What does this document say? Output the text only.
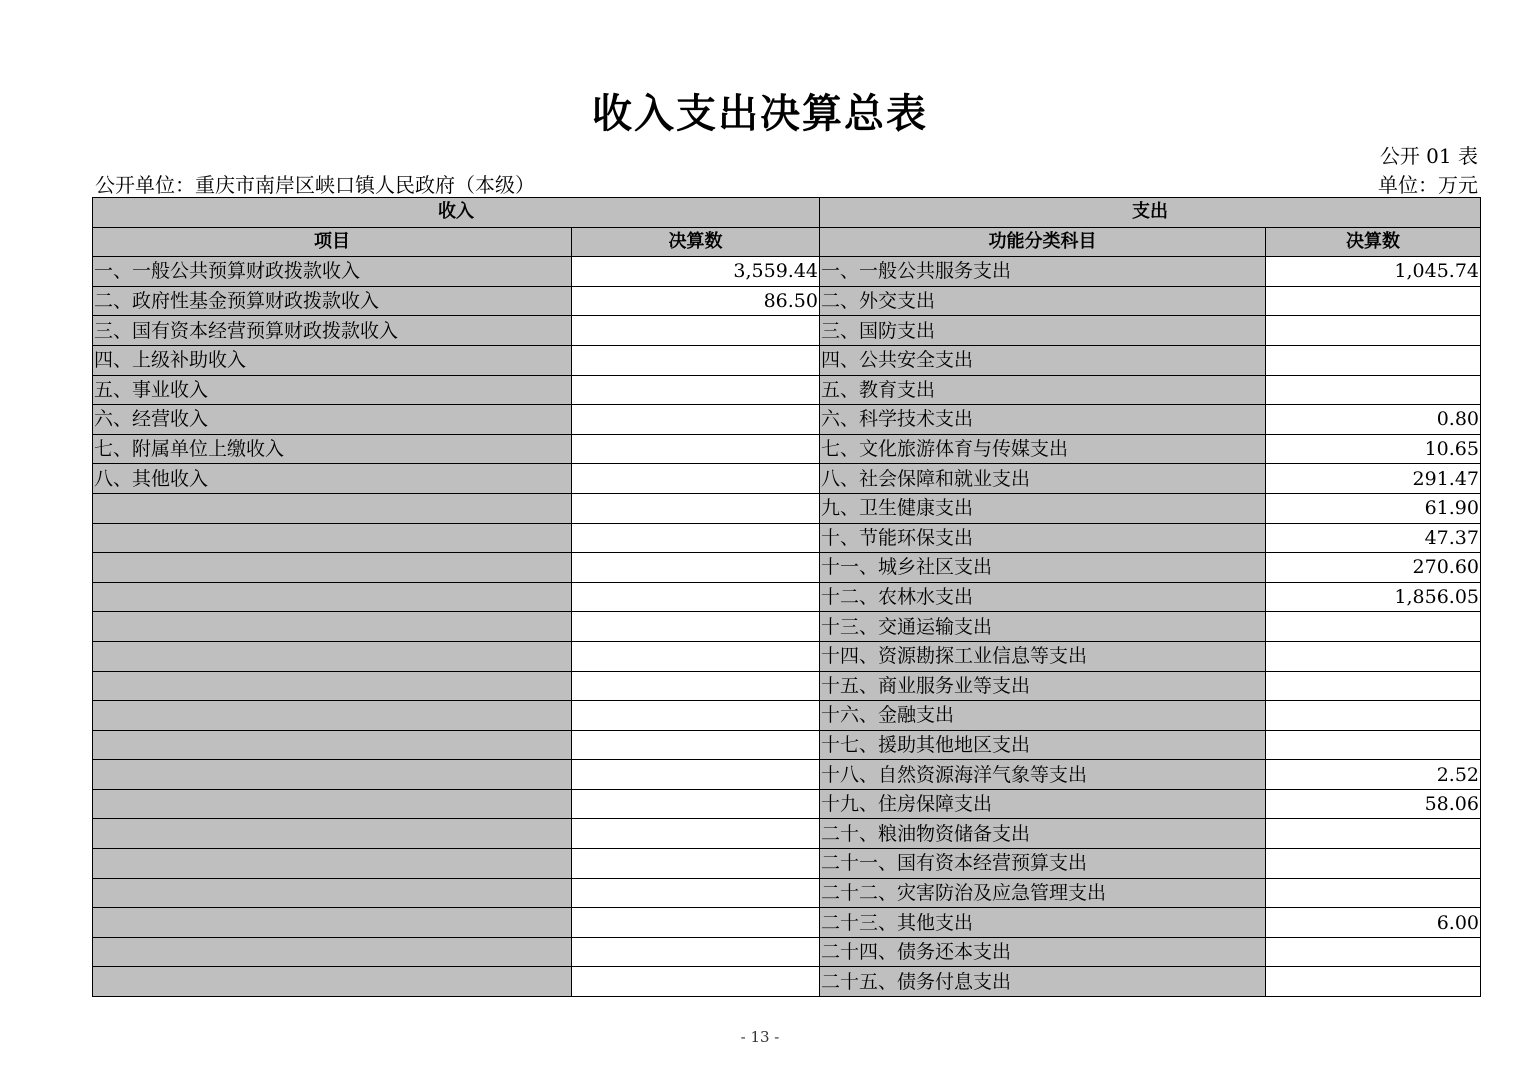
收入支出决算总表
公开 01 表
公开单位：重庆市南岸区峡口镇人民政府（本级）	单位：万元
收入		支出	
项目	决算数	功能分类科目	决算数
一、一般公共预算财政拨款收入	3,559.44	一、一般公共服务支出	1,045.74
二、政府性基金预算财政拨款收入	86.50	二、外交支出	
三、国有资本经营预算财政拨款收入		三、国防支出	
四、上级补助收入		四、公共安全支出	
五、事业收入		五、教育支出	
六、经营收入		六、科学技术支出	0.80
七、附属单位上缴收入		七、文化旅游体育与传媒支出	10.65
八、其他收入		八、社会保障和就业支出	291.47
		九、卫生健康支出	61.90
		十、节能环保支出	47.37
		十一、城乡社区支出	270.60
		十二、农林水支出	1,856.05
		十三、交通运输支出	
		十四、资源勘探工业信息等支出	
		十五、商业服务业等支出	
		十六、金融支出	
		十七、援助其他地区支出	
		十八、自然资源海洋气象等支出	2.52
		十九、住房保障支出	58.06
		二十、粮油物资储备支出	
		二十一、国有资本经营预算支出	
		二十二、灾害防治及应急管理支出	
		二十三、其他支出	6.00
		二十四、债务还本支出	
		二十五、债务付息支出	
- 13 -
